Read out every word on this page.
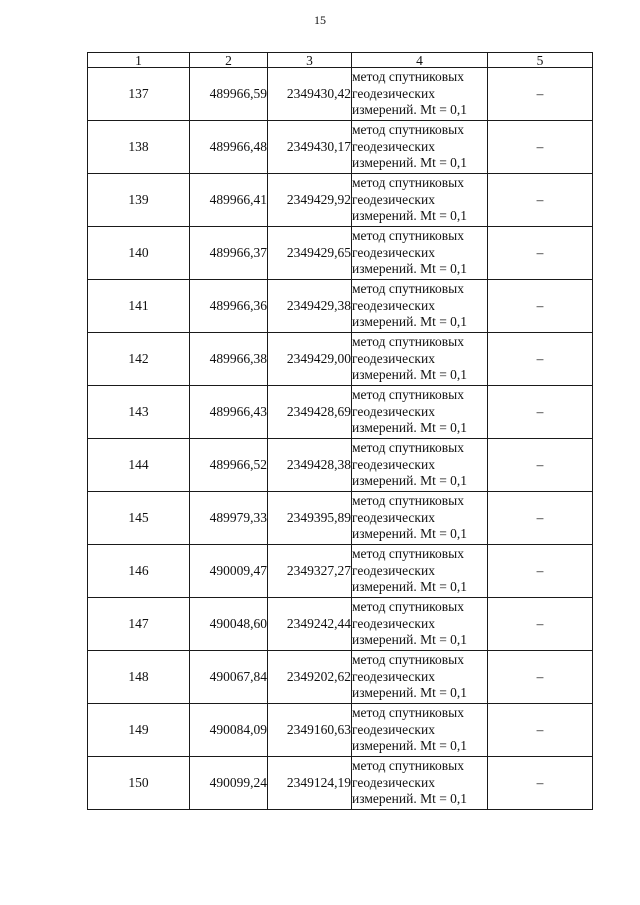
15
1	2	3	4	5
137	489966,59	2349430,42	метод спутниковых
геодезических
измерений. Mt = 0,1	–
138	489966,48	2349430,17	метод спутниковых
геодезических
измерений. Mt = 0,1	–
139	489966,41	2349429,92	метод спутниковых
геодезических
измерений. Mt = 0,1	–
140	489966,37	2349429,65	метод спутниковых
геодезических
измерений. Mt = 0,1	–
141	489966,36	2349429,38	метод спутниковых
геодезических
измерений. Mt = 0,1	–
142	489966,38	2349429,00	метод спутниковых
геодезических
измерений. Mt = 0,1	–
143	489966,43	2349428,69	метод спутниковых
геодезических
измерений. Mt = 0,1	–
144	489966,52	2349428,38	метод спутниковых
геодезических
измерений. Mt = 0,1	–
145	489979,33	2349395,89	метод спутниковых
геодезических
измерений. Mt = 0,1	–
146	490009,47	2349327,27	метод спутниковых
геодезических
измерений. Mt = 0,1	–
147	490048,60	2349242,44	метод спутниковых
геодезических
измерений. Mt = 0,1	–
148	490067,84	2349202,62	метод спутниковых
геодезических
измерений. Mt = 0,1	–
149	490084,09	2349160,63	метод спутниковых
геодезических
измерений. Mt = 0,1	–
150	490099,24	2349124,19	метод спутниковых
геодезических
измерений. Mt = 0,1	–
